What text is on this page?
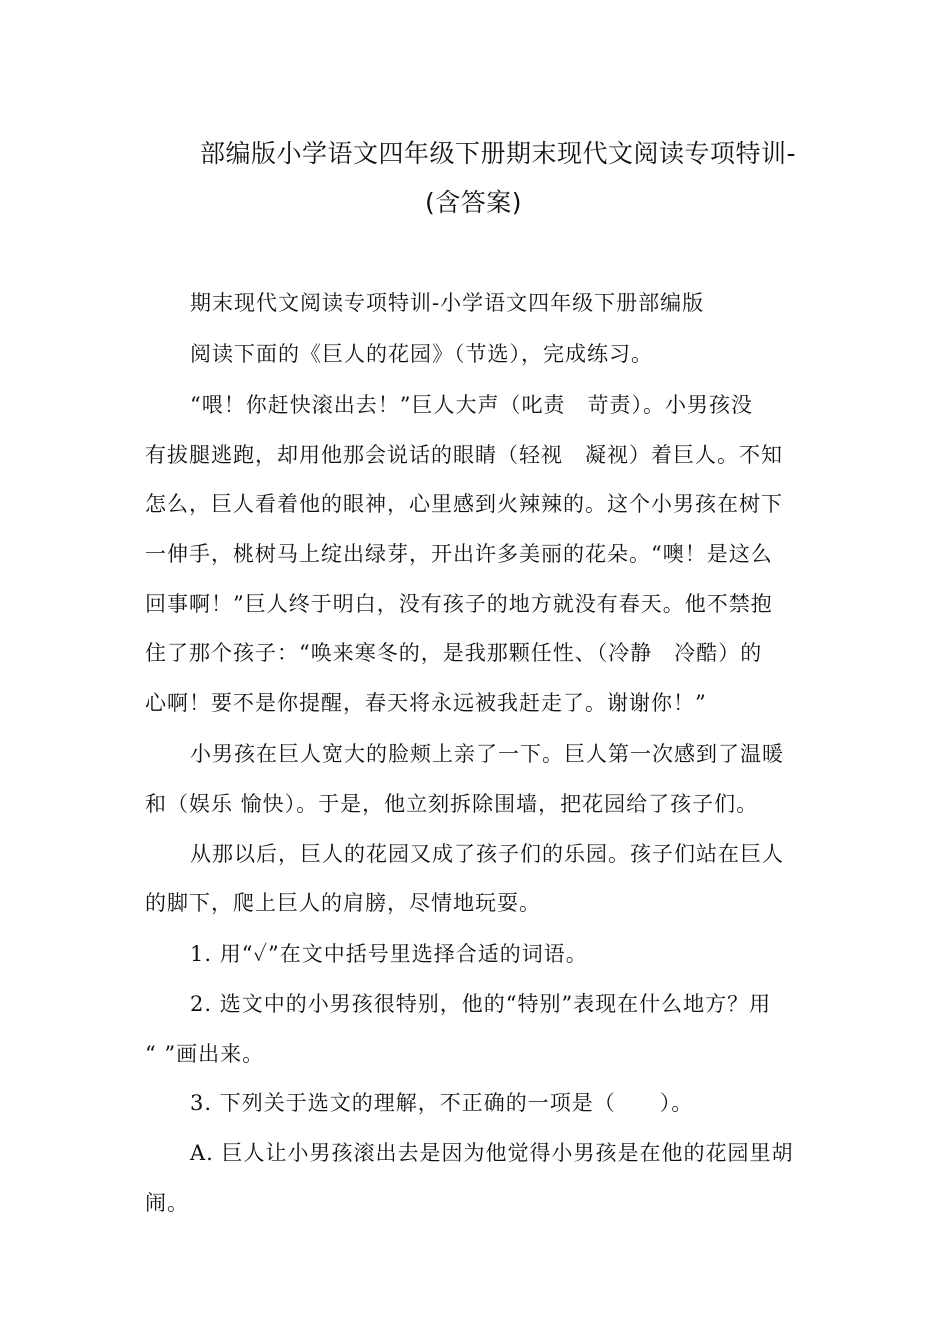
部编版小学语文四年级下册期末现代文阅读专项特训-
(含答案)
期末现代文阅读专项特训-小学语文四年级下册部编版
阅读下面的《巨人的花园》（节选），完成练习。
“喂！你赶快滚出去！”巨人大声（叱责　苛责）。小男孩没
有拔腿逃跑，却用他那会说话的眼睛（轻视　凝视）着巨人。不知
怎么，巨人看着他的眼神，心里感到火辣辣的。这个小男孩在树下
一伸手，桃树马上绽出绿芽，开出许多美丽的花朵。“噢！是这么
回事啊！”巨人终于明白，没有孩子的地方就没有春天。他不禁抱
住了那个孩子：“唤来寒冬的，是我那颗任性、（冷静　冷酷）的
心啊！要不是你提醒，春天将永远被我赶走了。谢谢你！”
小男孩在巨人宽大的脸颊上亲了一下。巨人第一次感到了温暖
和（娱乐 愉快）。于是，他立刻拆除围墙，把花园给了孩子们。
从那以后，巨人的花园又成了孩子们的乐园。孩子们站在巨人
的脚下，爬上巨人的肩膀，尽情地玩耍。
1. 用“✓”在文中括号里选择合适的词语。
2. 选文中的小男孩很特别，他的“特别”表现在什么地方？用
“ ”画出来。
3. 下列关于选文的理解，不正确的一项是（　　）。
A. 巨人让小男孩滚出去是因为他觉得小男孩是在他的花园里胡
闹。
